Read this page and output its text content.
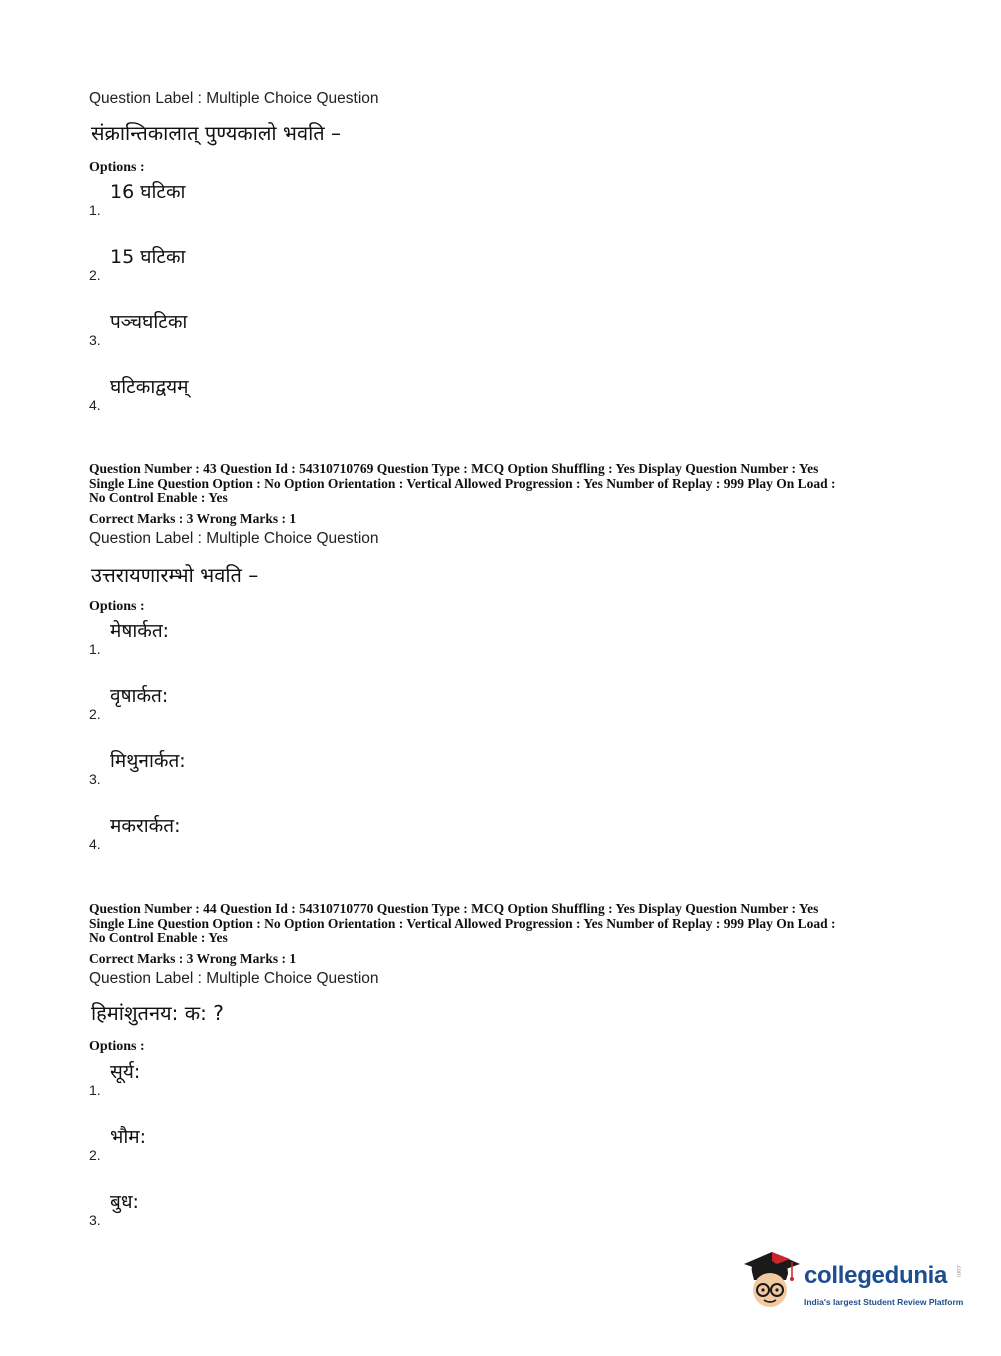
Question Label : Multiple Choice Question
संक्रान्तिकालात् पुण्यकालो भवति –
Options :
1.
16 घटिका
2.
15 घटिका
3.
पञ्चघटिका
4.
घटिकाद्वयम्
Question Number : 43 Question Id : 54310710769 Question Type : MCQ Option Shuffling : Yes Display Question Number : Yes
Single Line Question Option : No Option Orientation : Vertical Allowed Progression : Yes Number of Replay : 999 Play On Load :
No Control Enable : Yes
Correct Marks : 3 Wrong Marks : 1
Question Label : Multiple Choice Question
उत्तरायणारम्भो भवति –
Options :
1.
मेषार्कत:
2.
वृषार्कत:
3.
मिथुनार्कत:
4.
मकरार्कत:
Question Number : 44 Question Id : 54310710770 Question Type : MCQ Option Shuffling : Yes Display Question Number : Yes
Single Line Question Option : No Option Orientation : Vertical Allowed Progression : Yes Number of Replay : 999 Play On Load :
No Control Enable : Yes
Correct Marks : 3 Wrong Marks : 1
Question Label : Multiple Choice Question
हिमांशुतनय: क: ?
Options :
1.
सूर्य:
2.
भौम:
3.
बुध:
collegedunia .com
India's largest Student Review Platform
